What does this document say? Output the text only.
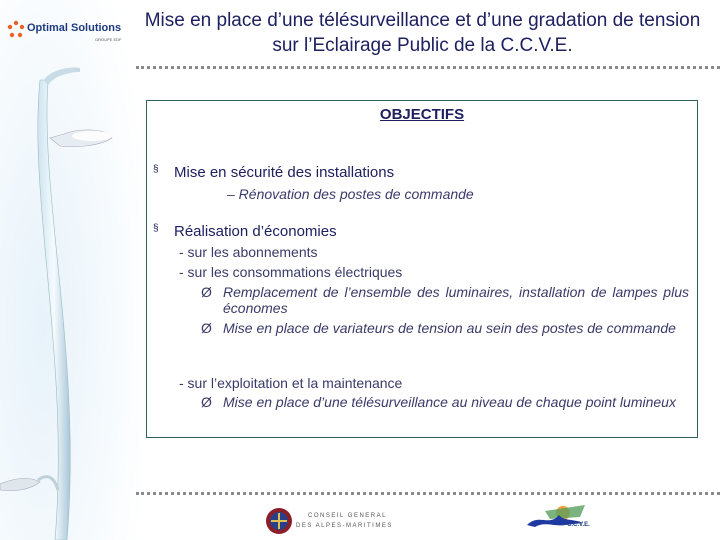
Optimal Solutions
GROUPE EDF
Mise en place d’une télésurveillance et d’une gradation de tension sur l’Eclairage Public de la C.C.V.E.
OBJECTIFS
§ Mise en sécurité des installations
– Rénovation des postes de commande
§ Réalisation d’économies
- sur les abonnements
- sur les consommations électriques
Ø Remplacement de l’ensemble des luminaires, installation de lampes plus économes
Ø Mise en place de variateurs de tension au sein des postes de commande
- sur l’exploitation et la maintenance
Ø Mise en place d’une télésurveillance au niveau de chaque point lumineux
CONSEIL GENERAL
DES ALPES-MARITIMES	C.C.V.E.
